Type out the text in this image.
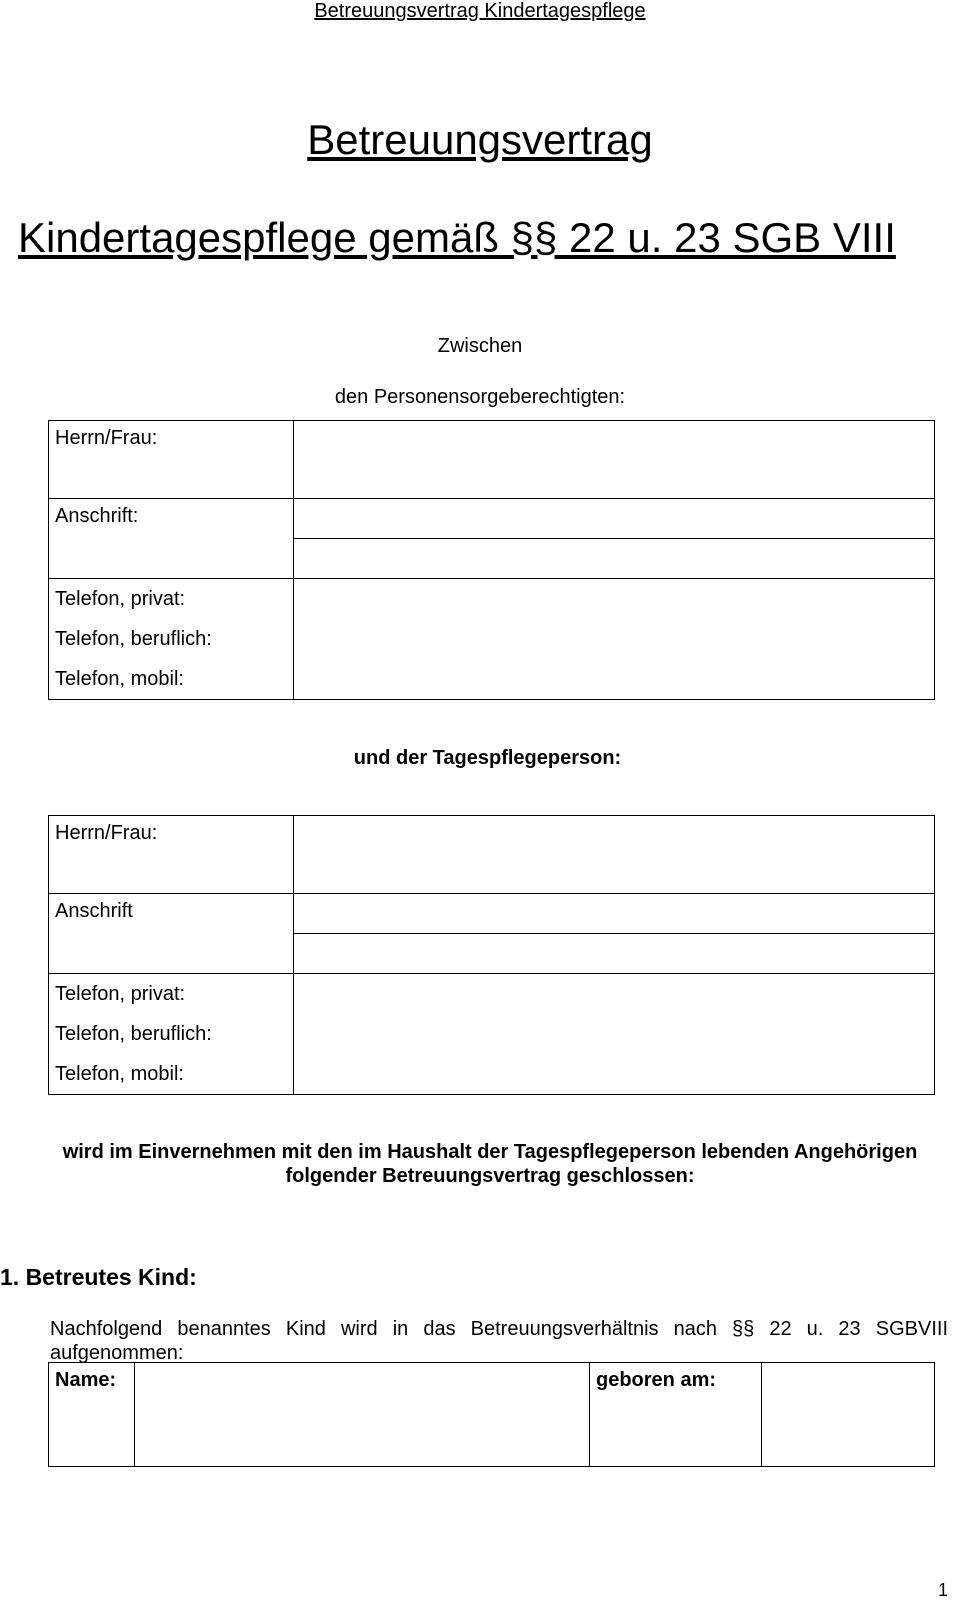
Betreuungsvertrag Kindertagespflege
Betreuungsvertrag
Kindertagespflege gemäß §§ 22 u. 23 SGB VIII
Zwischen
den Personensorgeberechtigten:
Herrn/Frau:	
Anschrift:	

Telefon, privat:
Telefon, beruflich:
Telefon, mobil:	

und der Tagespflegeperson:
Herrn/Frau:	
Anschrift	

Telefon, privat:
Telefon, beruflich:
Telefon, mobil:	

wird im Einvernehmen mit den im Haushalt der Tagespflegeperson lebenden Angehörigen
folgender Betreuungsvertrag geschlossen:
1. Betreutes Kind:
Nachfolgend benanntes Kind wird in das Betreuungsverhältnis nach §§ 22 u. 23 SGBVIII
aufgenommen:
Name:		geboren am:	
1
